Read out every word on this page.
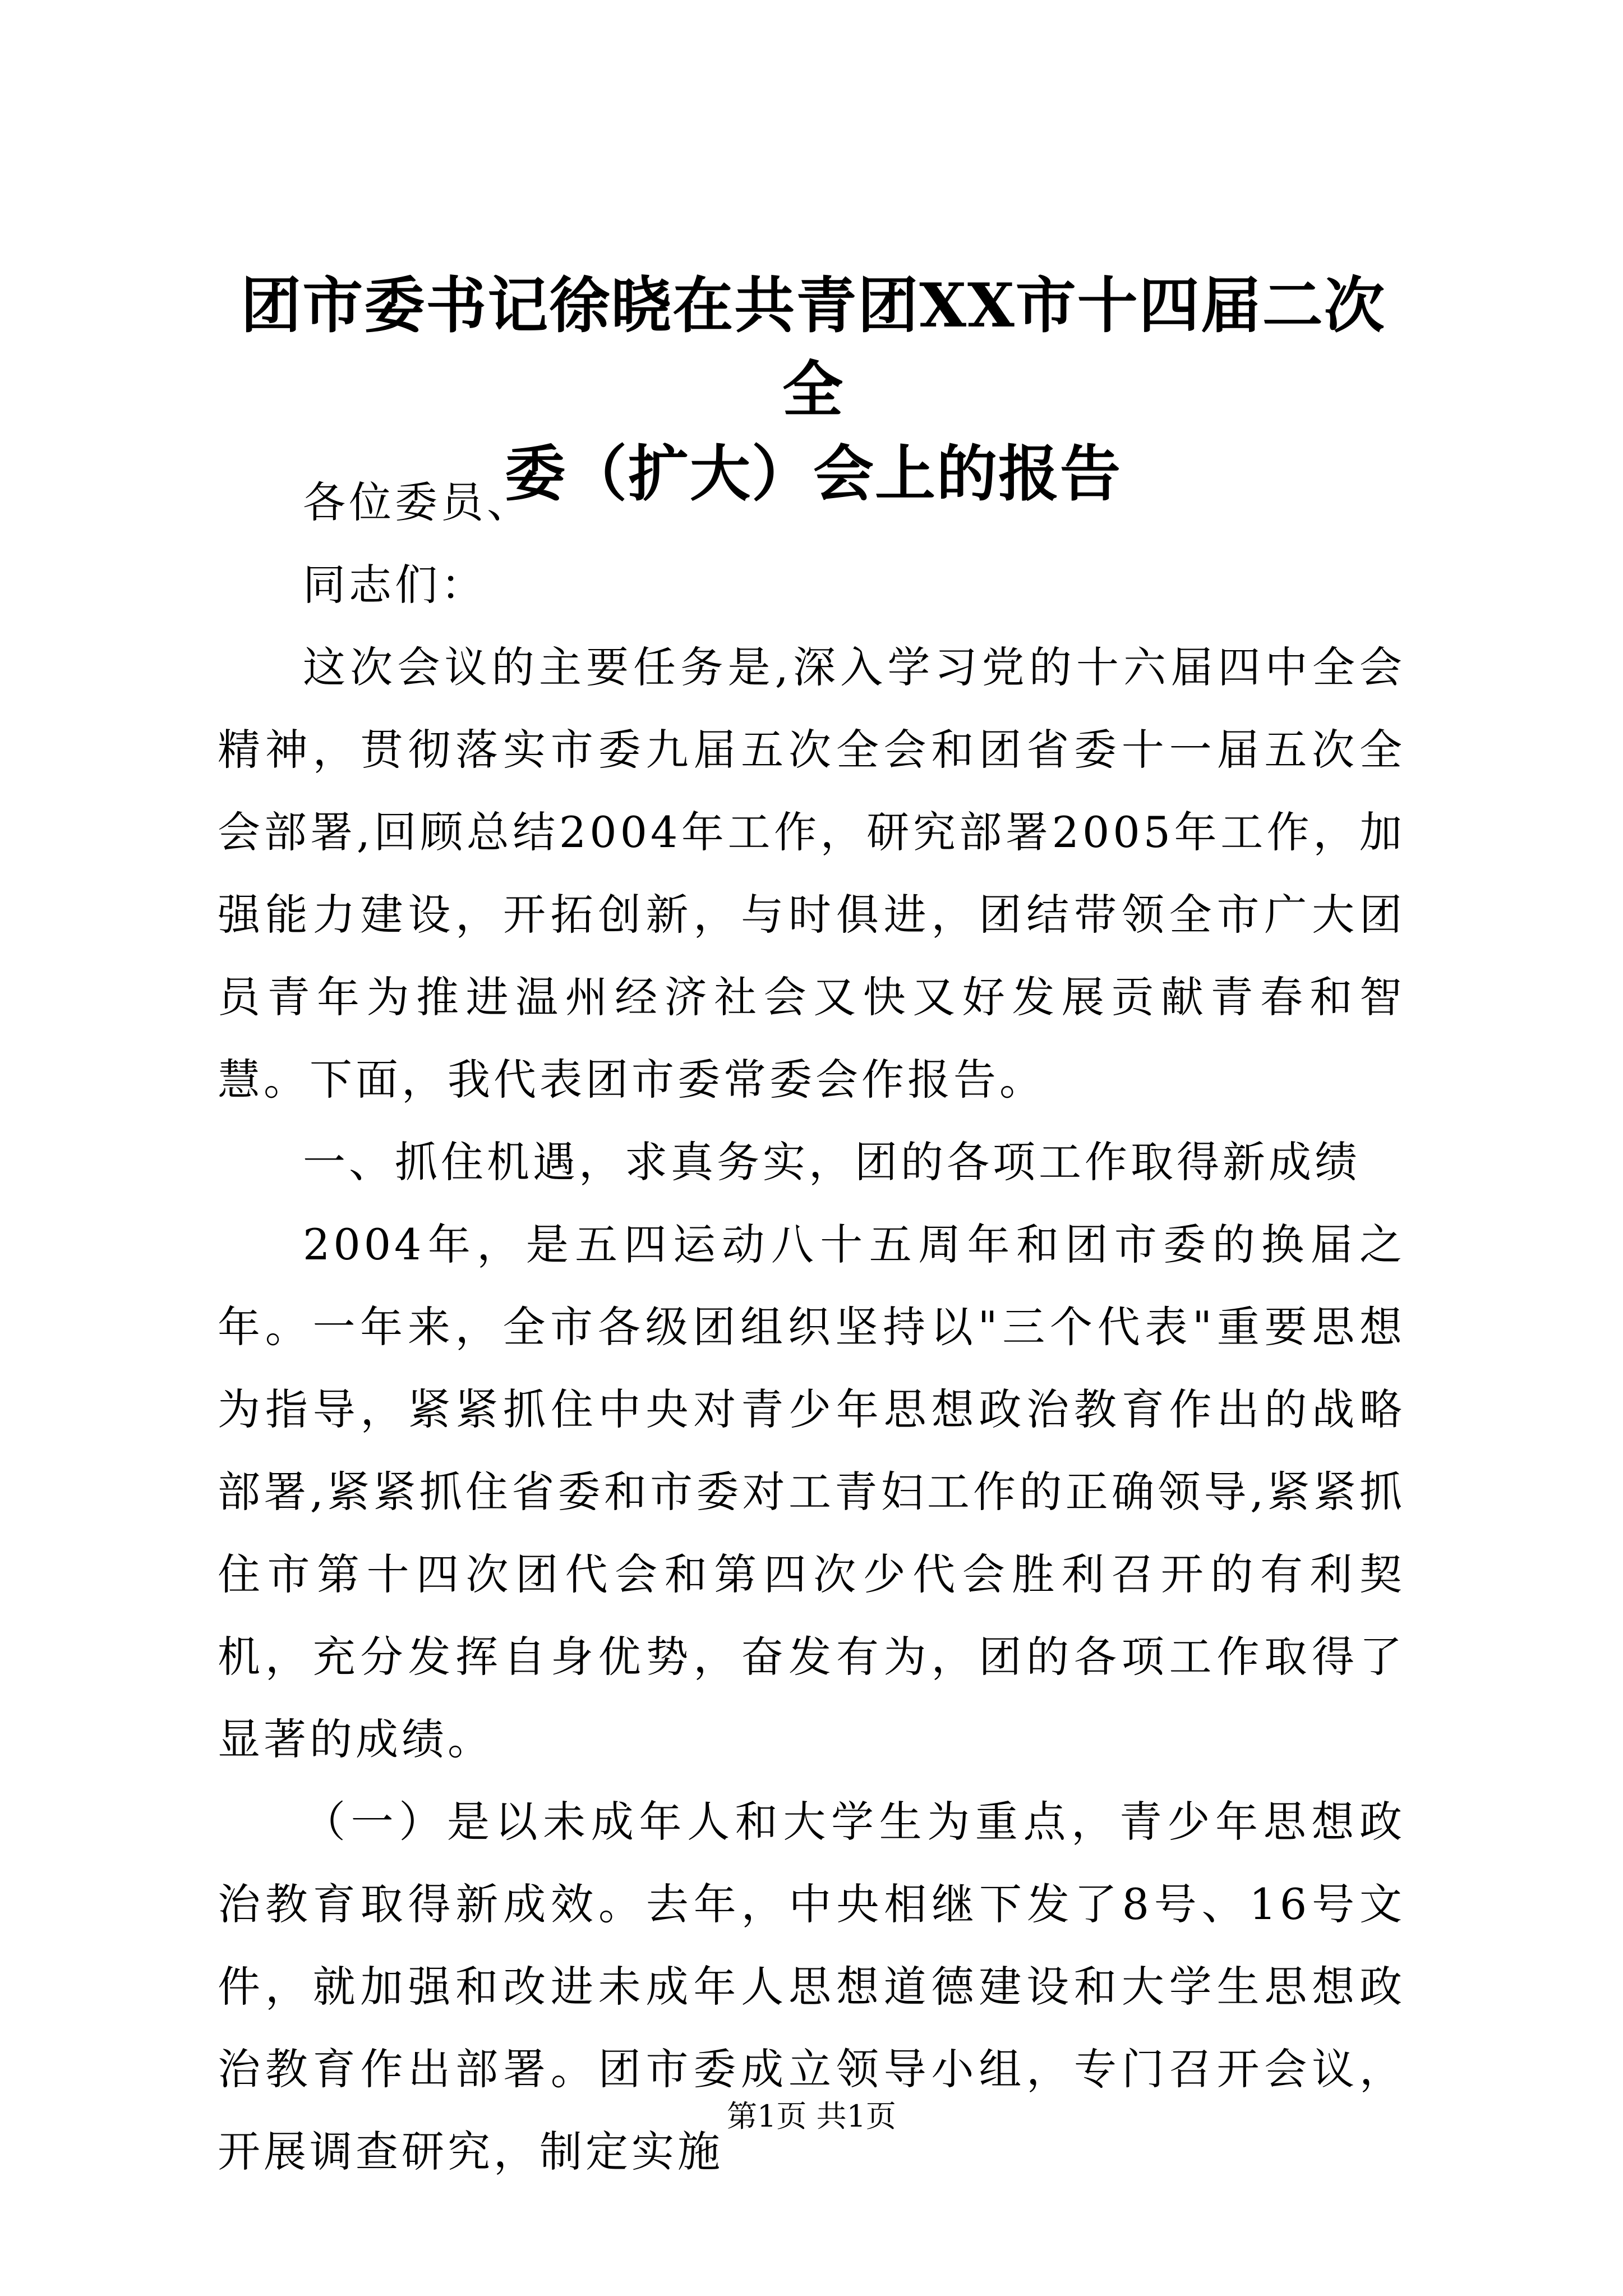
团市委书记徐晓在共青团XX市十四届二次全
委（扩大）会上的报告

各位委员、

同志们：

这次会议的主要任务是,深入学习党的十六届四中全会精神，贯彻落实市委九届五次全会和团省委十一届五次全会部署,回顾总结2004年工作，研究部署2005年工作，加强能力建设，开拓创新，与时俱进，团结带领全市广大团员青年为推进温州经济社会又快又好发展贡献青春和智慧。下面，我代表团市委常委会作报告。

一、抓住机遇，求真务实，团的各项工作取得新成绩

2004年，是五四运动八十五周年和团市委的换届之年。一年来，全市各级团组织坚持以"三个代表"重要思想为指导，紧紧抓住中央对青少年思想政治教育作出的战略部署,紧紧抓住省委和市委对工青妇工作的正确领导,紧紧抓住市第十四次团代会和第四次少代会胜利召开的有利契机，充分发挥自身优势，奋发有为，团的各项工作取得了显著的成绩。

（一）是以未成年人和大学生为重点，青少年思想政治教育取得新成效。去年，中央相继下发了8号、16号文件，就加强和改进未成年人思想道德建设和大学生思想政治教育作出部署。团市委成立领导小组，专门召开会议，开展调查研究，制定实施

第1页 共1页
